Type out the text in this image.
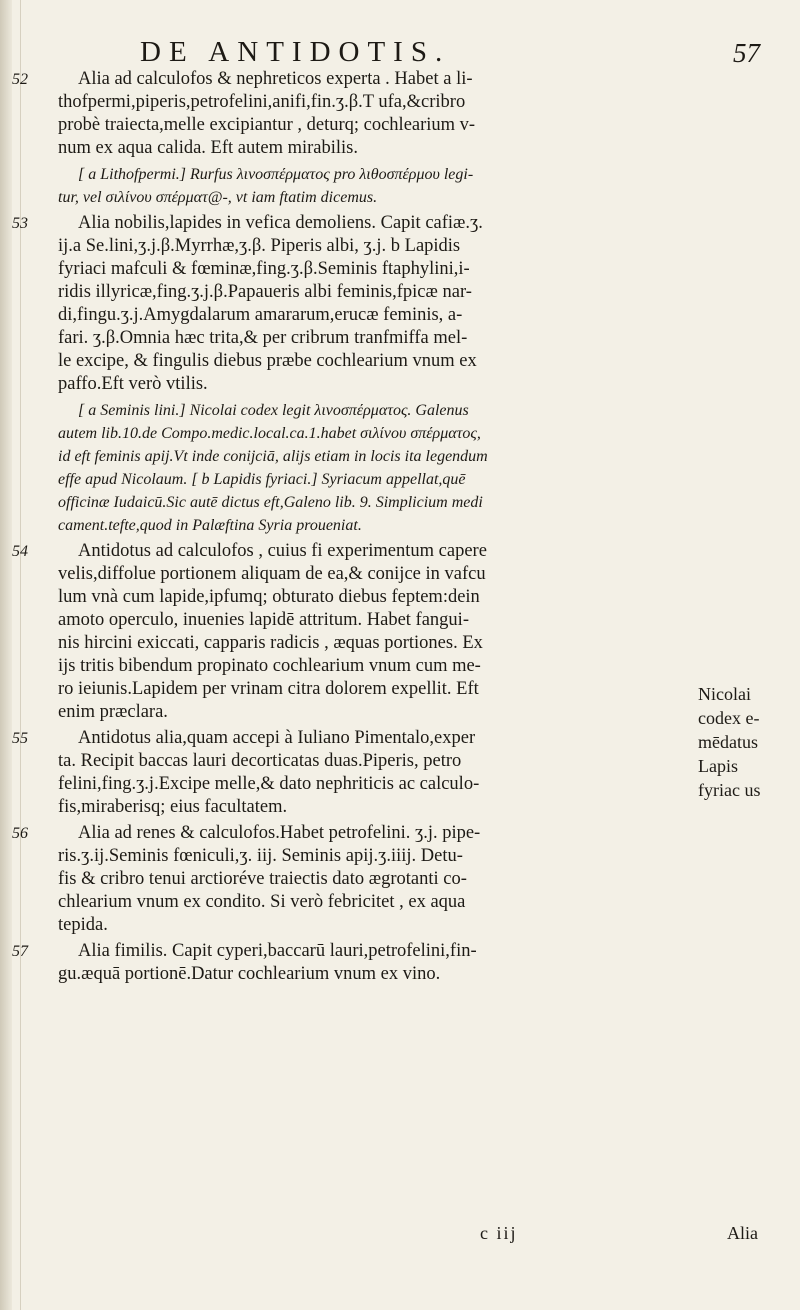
DE ANTIDOTIS.	57
52	Alia ad calculofos & nephreticos experta . Habet a li-
thofpermi,piperis,petrofelini,anifi,fin.ʒ.β.T ufa,&cribro
probè traiecta,melle excipiantur , deturq; cochlearium v-
num ex aqua calida. Eft autem mirabilis.
[ a Lithofpermi.] Rurfus λινοσπέρματος pro λιθοσπέρμου legi-
tur, vel σιλίνου σπέρματ@-, vt iam ftatim dicemus.
53	Alia nobilis,lapides in vefica demoliens. Capit cafiæ.ʒ.
ij.a Se.lini,ʒ.j.β.Myrrhæ,ʒ.β. Piperis albi, ʒ.j. b Lapidis
fyriaci mafculi & fœminæ,fing.ʒ.β.Seminis ftaphylini,i-
ridis illyricæ,fing.ʒ.j.β.Papaueris albi feminis,fpicæ nar-
di,fingu.ʒ.j.Amygdalarum amararum,erucæ feminis, a-
fari. ʒ.β.Omnia hæc trita,& per cribrum tranfmiffa mel-
le excipe, & fingulis diebus præbe cochlearium vnum ex
paffo.Eft verò vtilis.
[ a Seminis lini.] Nicolai codex legit λινοσπέρματος. Galenus
autem lib.10.de Compo.medic.local.ca.1.habet σιλίνου σπέρματος,
id eft feminis apij.Vt inde conijciā, alijs etiam in locis ita legendum
effe apud Nicolaum. [ b Lapidis fyriaci.] Syriacum appellat,quē
officinæ Iudaicū.Sic autē dictus eft,Galeno lib. 9. Simplicium medi
cament.tefte,quod in Palæftina Syria proueniat.
54	Antidotus ad calculofos , cuius fi experimentum capere
velis,diffolue portionem aliquam de ea,& conijce in vafcu
lum vnà cum lapide,ipfumq; obturato diebus feptem:dein
amoto operculo, inuenies lapidē attritum. Habet fangui-
nis hircini exiccati, capparis radicis , æquas portiones. Ex
ijs tritis bibendum propinato cochlearium vnum cum me-
ro ieiunis.Lapidem per vrinam citra dolorem expellit. Eft
enim præclara.
55	Antidotus alia,quam accepi à Iuliano Pimentalo,exper
ta. Recipit baccas lauri decorticatas duas.Piperis, petro
felini,fing.ʒ.j.Excipe melle,& dato nephriticis ac calculo-
fis,miraberisq; eius facultatem.
56	Alia ad renes & calculofos.Habet petrofelini. ʒ.j. pipe-
ris.ʒ.ij.Seminis fœniculi,ʒ. iij. Seminis apij.ʒ.iiij. Detu-
fis & cribro tenui arctioréve traiectis dato ægrotanti co-
chlearium vnum ex condito. Si verò febricitet , ex aqua
tepida.
57	Alia fimilis. Capit cyperi,baccarū lauri,petrofelini,fin-
gu.æquā portionē.Datur cochlearium vnum ex vino.
Nicolai
codex e-
mēdatus
Lapis
fyriac us
c iij	Alia
